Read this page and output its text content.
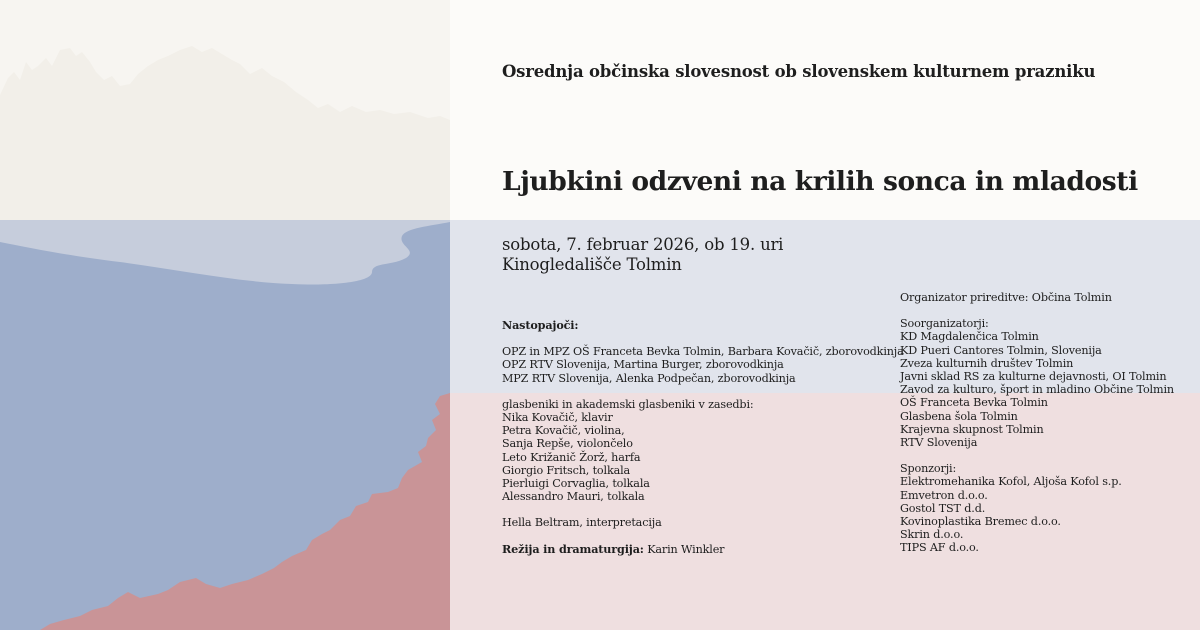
Osrednja občinska slovesnost ob slovenskem kulturnem prazniku
Ljubkini odzveni na krilih sonca in mladosti
sobota, 7. februar 2026, ob 19. uri
Kinogledališče Tolmin
Nastopajoči:
OPZ in MPZ OŠ Franceta Bevka Tolmin, Barbara Kovačič, zborovodkinja
OPZ RTV Slovenija, Martina Burger, zborovodkinja
MPZ RTV Slovenija, Alenka Podpečan, zborovodkinja
glasbeniki in akademski glasbeniki v zasedbi:
Nika Kovačič, klavir
Petra Kovačič, violina,
Sanja Repše, violončelo
Leto Križanič Žorž, harfa
Giorgio Fritsch, tolkala
Pierluigi Corvaglia, tolkala
Alessandro Mauri, tolkala
Hella Beltram, interpretacija
Režija in dramaturgija: Karin Winkler
Organizator prireditve: Občina Tolmin
Soorganizatorji:
KD Magdalenčica Tolmin
KD Pueri Cantores Tolmin, Slovenija
Zveza kulturnih društev Tolmin
Javni sklad RS za kulturne dejavnosti, OI Tolmin
Zavod za kulturo, šport in mladino Občine Tolmin
OŠ Franceta Bevka Tolmin
Glasbena šola Tolmin
Krajevna skupnost Tolmin
RTV Slovenija
Sponzorji:
Elektromehanika Kofol, Aljoša Kofol s.p.
Emvetron d.o.o.
Gostol TST d.d.
Kovinoplastika Bremec d.o.o.
Skrin d.o.o.
TIPS AF d.o.o.
